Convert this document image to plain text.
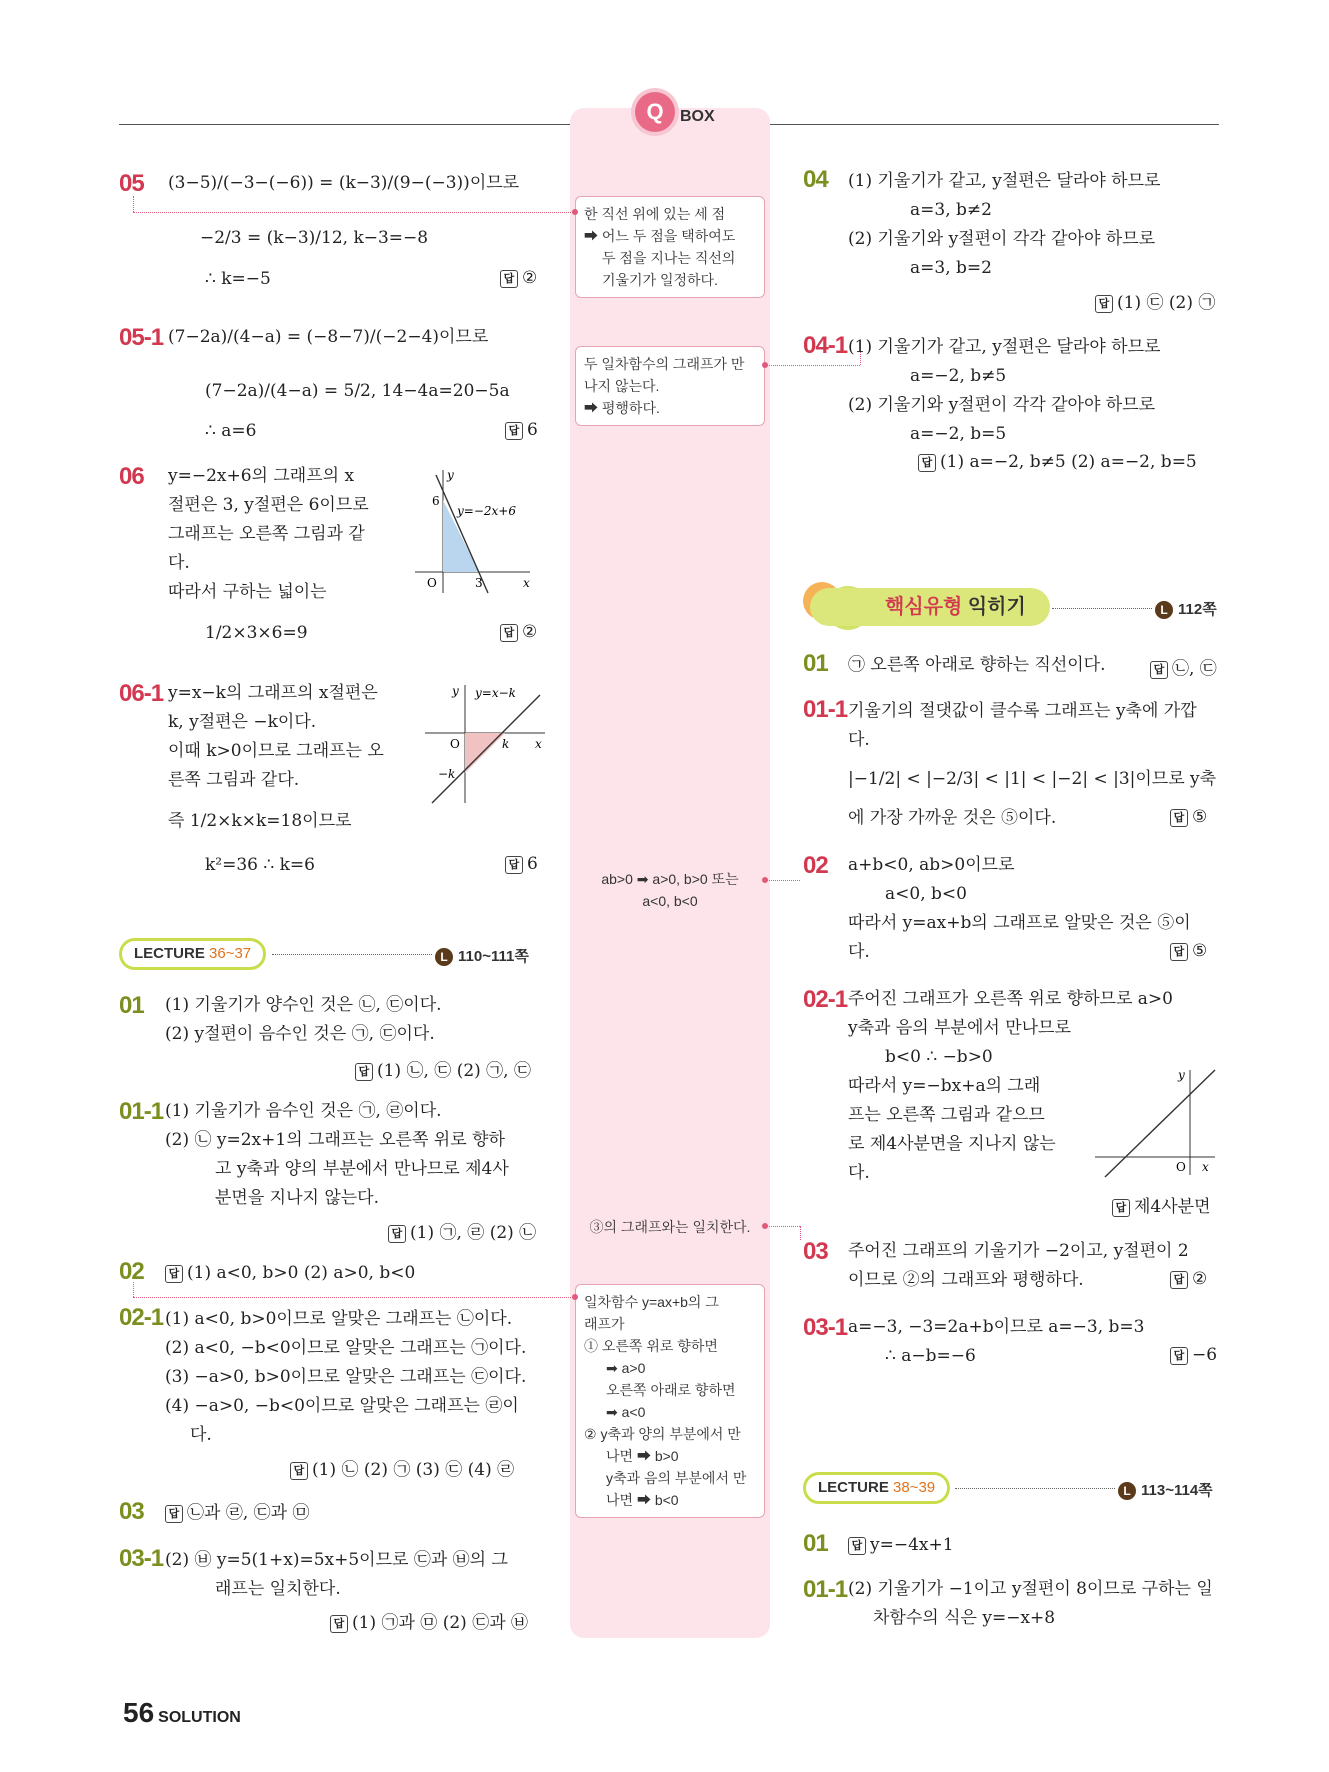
Q	BOX
05 (3−5)/(−3−(−6)) = (k−3)/(9−(−3))이므로
−2/3 = (k−3)/12, k−3=−8
∴ k=−5	답 ②
05-1 (7−2a)/(4−a) = (−8−7)/(−2−4)이므로
(7−2a)/(4−a) = 5/2, 14−4a=20−5a
∴ a=6	답 6
06 y=−2x+6의 그래프의 x
절편은 3, y절편은 6이므로
그래프는 오른쪽 그림과 같
다.
따라서 구하는 넓이는
1/2×3×6=9	답 ②
y
x
O
6
3
y=−2x+6
06-1 y=x−k의 그래프의 x절편은
k, y절편은 −k이다.
이때 k>0이므로 그래프는 오
른쪽 그림과 같다.
즉 1/2×k×k=18이므로
k²=36 ∴ k=6	답 6
y
x
O	k
−k
y=x−k
LECTURE 36~37	L 110~111쪽
01 (1) 기울기가 양수인 것은 ㉡, ㉢이다.
(2) y절편이 음수인 것은 ㉠, ㉢이다.
답 (1) ㉡, ㉢ (2) ㉠, ㉢
01-1 (1) 기울기가 음수인 것은 ㉠, ㉣이다.
(2) ㉡ y=2x+1의 그래프는 오른쪽 위로 향하
고 y축과 양의 부분에서 만나므로 제4사
분면을 지나지 않는다.
답 (1) ㉠, ㉣ (2) ㉡
02	답 (1) a<0, b>0 (2) a>0, b<0
02-1 (1) a<0, b>0이므로 알맞은 그래프는 ㉡이다.
(2) a<0, −b<0이므로 알맞은 그래프는 ㉠이다.
(3) −a>0, b>0이므로 알맞은 그래프는 ㉢이다.
(4) −a>0, −b<0이므로 알맞은 그래프는 ㉣이
다.
답 (1) ㉡ (2) ㉠ (3) ㉢ (4) ㉣
03	답 ㉡과 ㉣, ㉢과 ㉤
03-1 (2) ㉥ y=5(1+x)=5x+5이므로 ㉢과 ㉥의 그
래프는 일치한다.
답 (1) ㉠과 ㉤ (2) ㉢과 ㉥
한 직선 위에 있는 세 점
➡ 어느 두 점을 택하여도
두 점을 지나는 직선의
기울기가 일정하다.
두 일차함수의 그래프가 만
나지 않는다.
➡ 평행하다.
ab>0 ➡ a>0, b>0 또는
a<0, b<0
③의 그래프와는 일치한다.
일차함수 y=ax+b의 그
래프가
① 오른쪽 위로 향하면
➡ a>0
오른쪽 아래로 향하면
➡ a<0
② y축과 양의 부분에서 만
나면 ➡ b>0
y축과 음의 부분에서 만
나면 ➡ b<0
04 (1) 기울기가 같고, y절편은 달라야 하므로
a=3, b≠2
(2) 기울기와 y절편이 각각 같아야 하므로
a=3, b=2
답 (1) ㉢ (2) ㉠
04-1 (1) 기울기가 같고, y절편은 달라야 하므로
a=−2, b≠5
(2) 기울기와 y절편이 각각 같아야 하므로
a=−2, b=5
답 (1) a=−2, b≠5 (2) a=−2, b=5
핵심유형 익히기	L 112쪽
01 ㉠ 오른쪽 아래로 향하는 직선이다.	답 ㉡, ㉢
01-1 기울기의 절댓값이 클수록 그래프는 y축에 가깝
다.
|−1/2| < |−2/3| < |1| < |−2| < |3|이므로 y축
에 가장 가까운 것은 ⑤이다.	답 ⑤
02 a+b<0, ab>0이므로
a<0, b<0
따라서 y=ax+b의 그래프로 알맞은 것은 ⑤이
다.	답 ⑤
02-1 주어진 그래프가 오른쪽 위로 향하므로 a>0
y축과 음의 부분에서 만나므로
b<0 ∴ −b>0
따라서 y=−bx+a의 그래
프는 오른쪽 그림과 같으므
로 제4사분면을 지나지 않는
다.
y
x
O
답 제4사분면
03 주어진 그래프의 기울기가 −2이고, y절편이 2
이므로 ②의 그래프와 평행하다.	답 ②
03-1 a=−3, −3=2a+b이므로 a=−3, b=3
∴ a−b=−6	답 −6
LECTURE 38~39	L 113~114쪽
01	답 y=−4x+1
01-1 (2) 기울기가 −1이고 y절편이 8이므로 구하는 일
차함수의 식은 y=−x+8
56 SOLUTION
